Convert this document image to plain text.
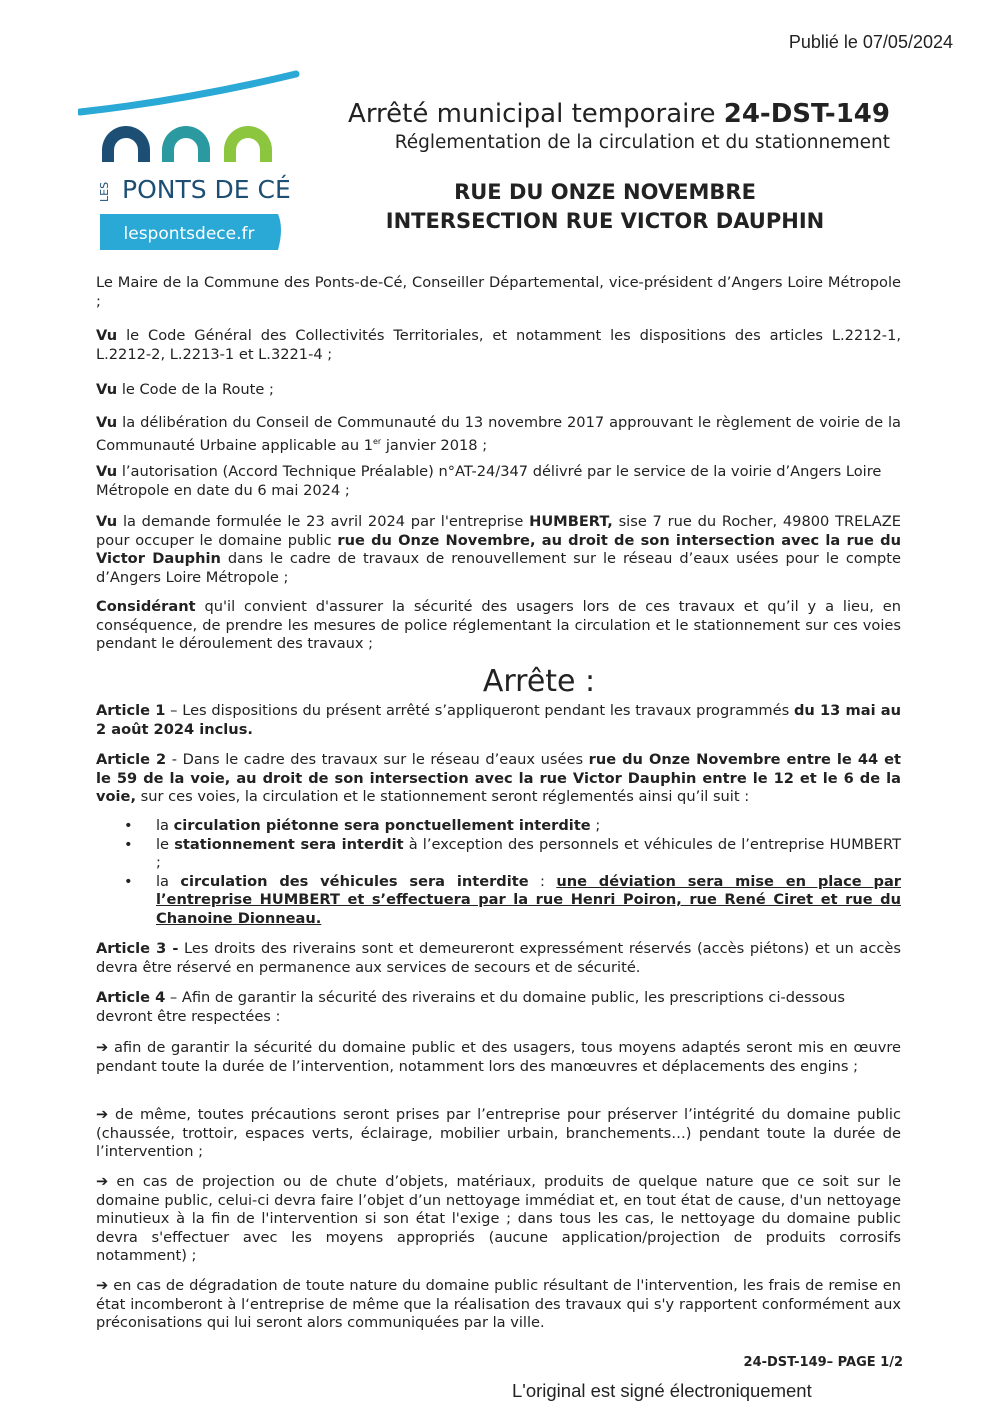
Publié le 07/05/2024
LES PONTS DE CÉ
lespontsdece.fr

Arrêté municipal temporaire 24-DST-149

Réglementation de la circulation et du stationnement

RUE DU ONZE NOVEMBRE
INTERSECTION RUE VICTOR DAUPHIN

Le Maire de la Commune des Ponts-de-Cé, Conseiller Départemental, vice-président d’Angers Loire Métropole ;

Vu le Code Général des Collectivités Territoriales, et notamment les dispositions des articles L.2212-1, L.2212-2, L.2213-1 et L.3221-4 ;

Vu le Code de la Route ;

Vu la délibération du Conseil de Communauté du 13 novembre 2017 approuvant le règlement de voirie de la Communauté Urbaine applicable au 1er janvier 2018 ;

Vu l’autorisation (Accord Technique Préalable) n°AT-24/347 délivré par le service de la voirie d’Angers Loire Métropole en date du 6 mai 2024 ;

Vu la demande formulée le 23 avril 2024 par l'entreprise HUMBERT, sise 7 rue du Rocher, 49800 TRELAZE pour occuper le domaine public rue du Onze Novembre, au droit de son intersection avec la rue du Victor Dauphin dans le cadre de travaux de renouvellement sur le réseau d’eaux usées pour le compte d’Angers Loire Métropole ;

Considérant qu'il convient d'assurer la sécurité des usagers lors de ces travaux et qu’il y a lieu, en conséquence, de prendre les mesures de police réglementant la circulation et le stationnement sur ces voies pendant le déroulement des travaux ;

Arrête :

Article 1 – Les dispositions du présent arrêté s’appliqueront pendant les travaux programmés du 13 mai au 2 août 2024 inclus.

Article 2 - Dans le cadre des travaux sur le réseau d’eaux usées rue du Onze Novembre entre le 44 et le 59 de la voie, au droit de son intersection avec la rue Victor Dauphin entre le 12 et le 6 de la voie, sur ces voies, la circulation et le stationnement seront réglementés ainsi qu’il suit :

• la circulation piétonne sera ponctuellement interdite ;
• le stationnement sera interdit à l’exception des personnels et véhicules de l’entreprise HUMBERT ;
• la circulation des véhicules sera interdite : une déviation sera mise en place par l’entreprise HUMBERT et s’effectuera par la rue Henri Poiron, rue René Ciret et rue du Chanoine Dionneau.

Article 3 - Les droits des riverains sont et demeureront expressément réservés (accès piétons) et un accès devra être réservé en permanence aux services de secours et de sécurité.

Article 4 – Afin de garantir la sécurité des riverains et du domaine public, les prescriptions ci-dessous devront être respectées :

➔ afin de garantir la sécurité du domaine public et des usagers, tous moyens adaptés seront mis en œuvre pendant toute la durée de l’intervention, notamment lors des manœuvres et déplacements des engins ;

➔ de même, toutes précautions seront prises par l’entreprise pour préserver l’intégrité du domaine public (chaussée, trottoir, espaces verts, éclairage, mobilier urbain, branchements…) pendant toute la durée de l’intervention ;

➔ en cas de projection ou de chute d’objets, matériaux, produits de quelque nature que ce soit sur le domaine public, celui-ci devra faire l’objet d’un nettoyage immédiat et, en tout état de cause, d'un nettoyage minutieux à la fin de l'intervention si son état l'exige ; dans tous les cas, le nettoyage du domaine public devra s'effectuer avec les moyens appropriés (aucune application/projection de produits corrosifs notamment) ;

➔ en cas de dégradation de toute nature du domaine public résultant de l'intervention, les frais de remise en état incomberont à l‘entreprise de même que la réalisation des travaux qui s'y rapportent conformément aux préconisations qui lui seront alors communiquées par la ville.

24-DST-149– PAGE 1/2
L'original est signé électroniquement
